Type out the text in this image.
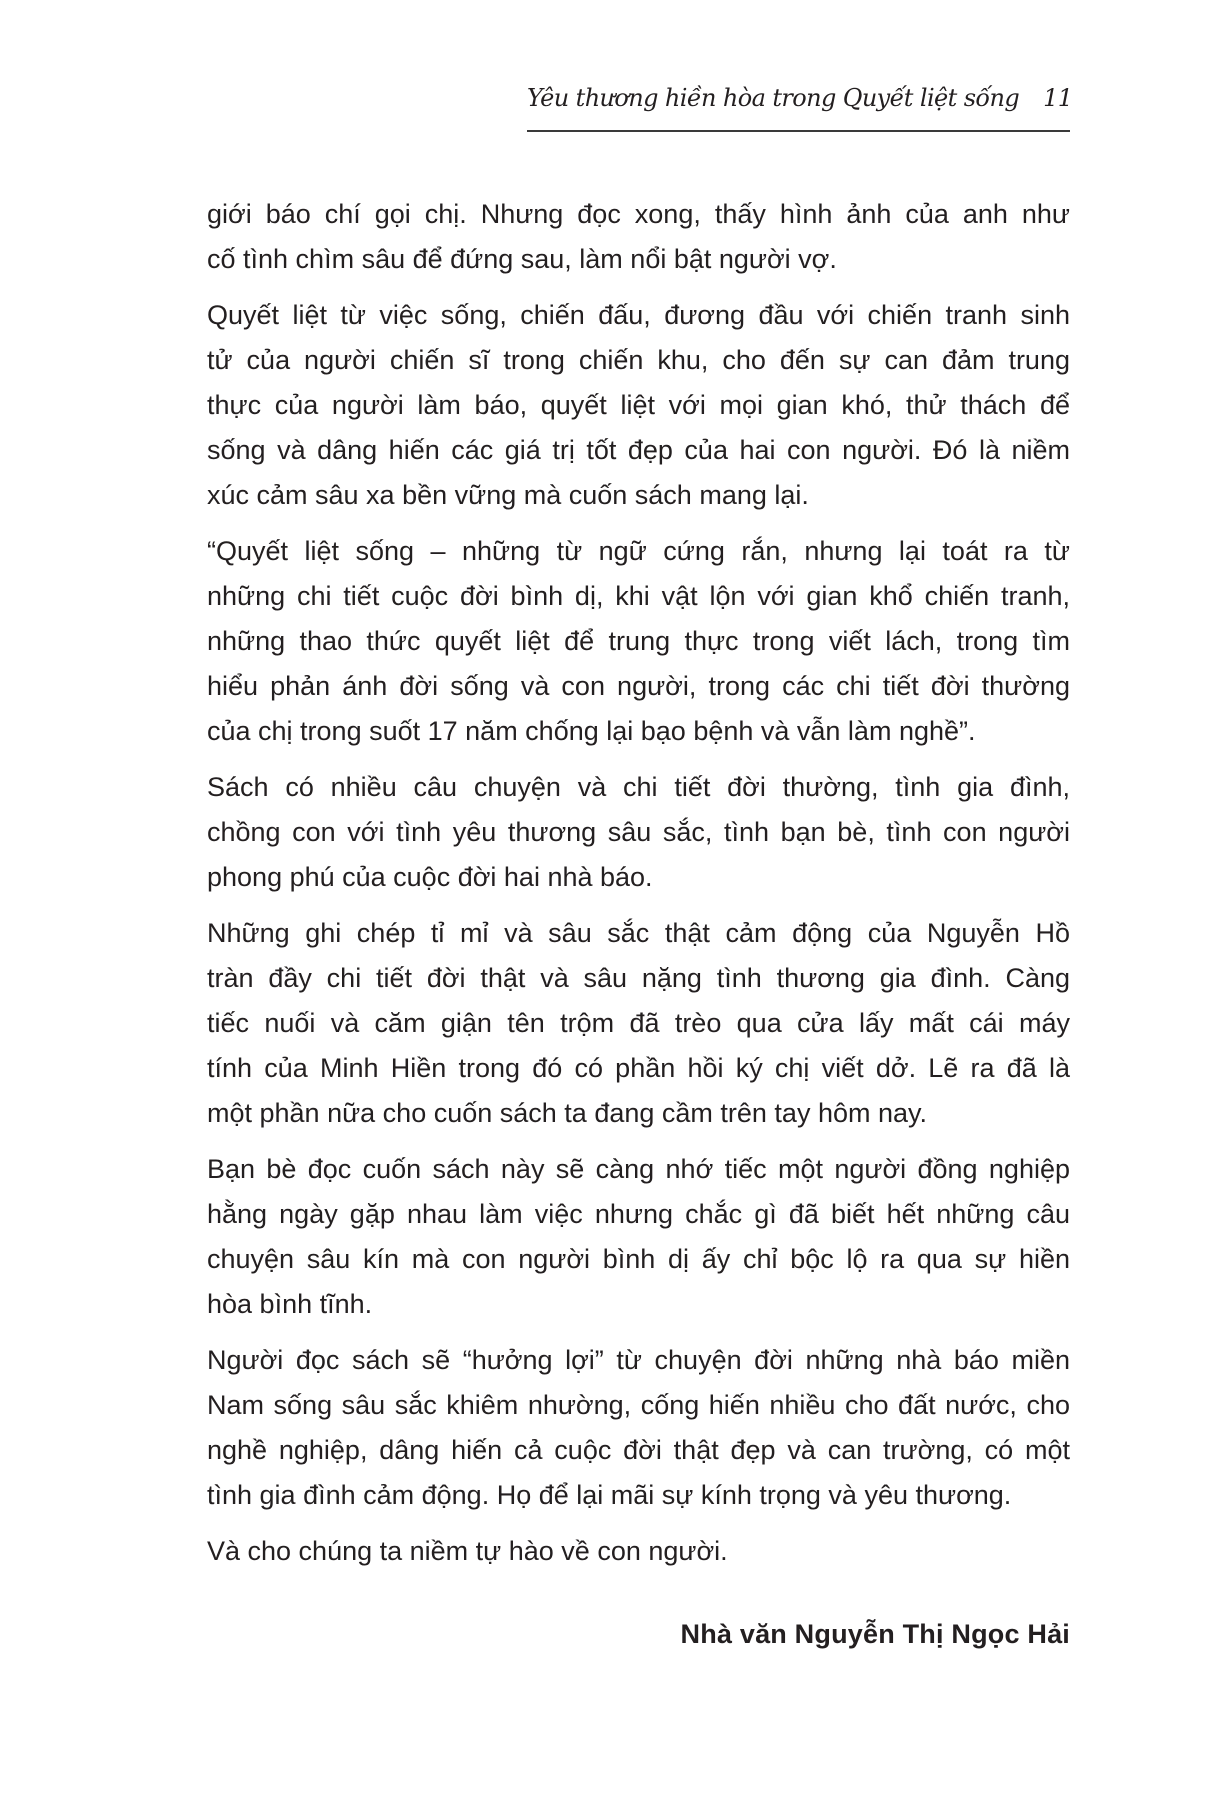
Yêu thương hiền hòa trong Quyết liệt sống 11
giới báo chí gọi chị. Nhưng đọc xong, thấy hình ảnh của anh như
cố tình chìm sâu để đứng sau, làm nổi bật người vợ.
Quyết liệt từ việc sống, chiến đấu, đương đầu với chiến tranh sinh
tử của người chiến sĩ trong chiến khu, cho đến sự can đảm trung
thực của người làm báo, quyết liệt với mọi gian khó, thử thách để
sống và dâng hiến các giá trị tốt đẹp của hai con người. Đó là niềm
xúc cảm sâu xa bền vững mà cuốn sách mang lại.
“Quyết liệt sống – những từ ngữ cứng rắn, nhưng lại toát ra từ
những chi tiết cuộc đời bình dị, khi vật lộn với gian khổ chiến tranh,
những thao thức quyết liệt để trung thực trong viết lách, trong tìm
hiểu phản ánh đời sống và con người, trong các chi tiết đời thường
của chị trong suốt 17 năm chống lại bạo bệnh và vẫn làm nghề”.
Sách có nhiều câu chuyện và chi tiết đời thường, tình gia đình,
chồng con với tình yêu thương sâu sắc, tình bạn bè, tình con người
phong phú của cuộc đời hai nhà báo.
Những ghi chép tỉ mỉ và sâu sắc thật cảm động của Nguyễn Hồ
tràn đầy chi tiết đời thật và sâu nặng tình thương gia đình. Càng
tiếc nuối và căm giận tên trộm đã trèo qua cửa lấy mất cái máy
tính của Minh Hiền trong đó có phần hồi ký chị viết dở. Lẽ ra đã là
một phần nữa cho cuốn sách ta đang cầm trên tay hôm nay.
Bạn bè đọc cuốn sách này sẽ càng nhớ tiếc một người đồng nghiệp
hằng ngày gặp nhau làm việc nhưng chắc gì đã biết hết những câu
chuyện sâu kín mà con người bình dị ấy chỉ bộc lộ ra qua sự hiền
hòa bình tĩnh.
Người đọc sách sẽ “hưởng lợi” từ chuyện đời những nhà báo miền
Nam sống sâu sắc khiêm nhường, cống hiến nhiều cho đất nước, cho
nghề nghiệp, dâng hiến cả cuộc đời thật đẹp và can trường, có một
tình gia đình cảm động. Họ để lại mãi sự kính trọng và yêu thương.
Và cho chúng ta niềm tự hào về con người.
Nhà văn Nguyễn Thị Ngọc Hải
